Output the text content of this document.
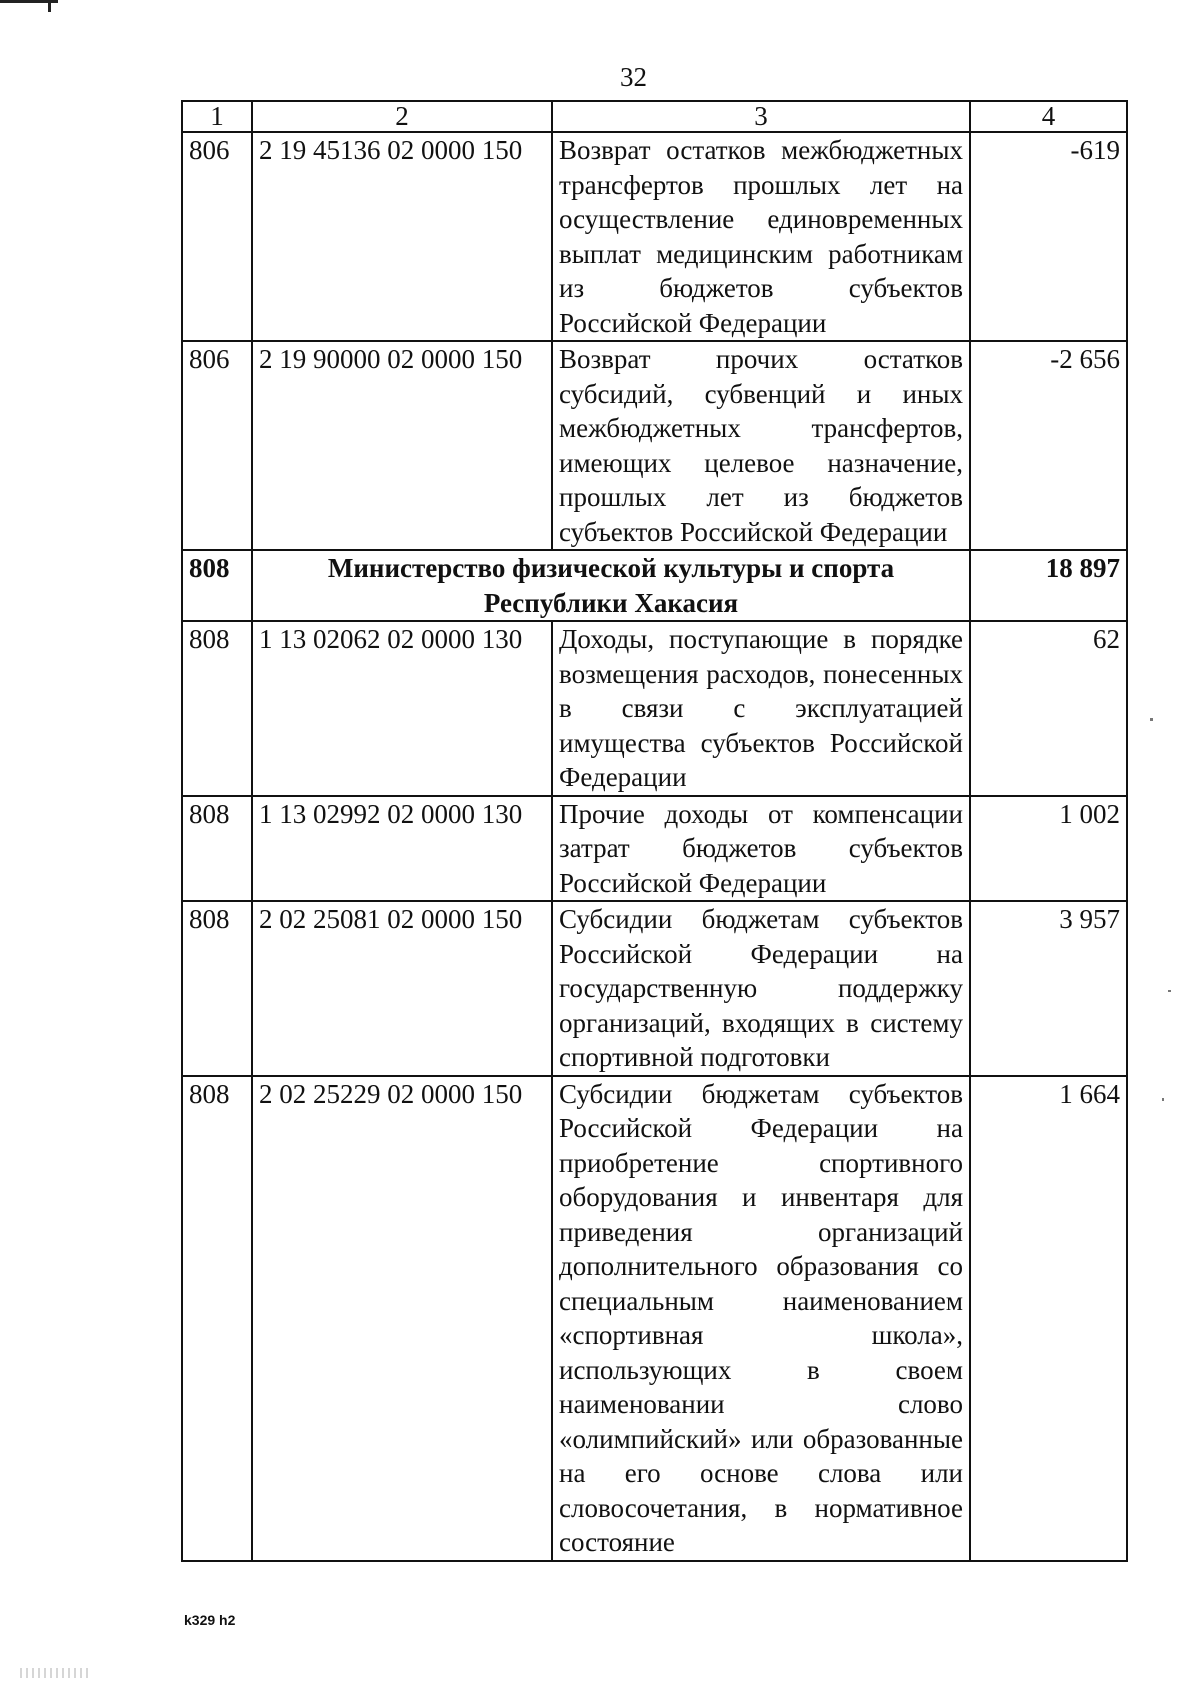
32
1	2	3	4
806	2 19 45136 02 0000 150	Возврат остатков межбюджетных трансфертов прошлых лет на осуществление единовременных выплат медицинским работникам из бюджетов субъектов Российской Федерации	-619
806	2 19 90000 02 0000 150	Возврат прочих остатков субсидий, субвенций и иных межбюджетных трансфертов, имеющих целевое назначение, прошлых лет из бюджетов субъектов Российской Федерации	-2 656
808	Министерство физической культуры и спорта Республики Хакасия		18 897
808	1 13 02062 02 0000 130	Доходы, поступающие в порядке возмещения расходов, понесенных в связи с эксплуатацией имущества субъектов Российской Федерации	62
808	1 13 02992 02 0000 130	Прочие доходы от компенсации затрат бюджетов субъектов Российской Федерации	1 002
808	2 02 25081 02 0000 150	Субсидии бюджетам субъектов Российской Федерации на государственную поддержку организаций, входящих в систему спортивной подготовки	3 957
808	2 02 25229 02 0000 150	Субсидии бюджетам субъектов Российской Федерации на приобретение спортивного оборудования и инвентаря для приведения организаций дополнительного образования со специальным наименованием «спортивная школа», использующих в своем наименовании слово «олимпийский» или образованные на его основе слова или словосочетания, в нормативное состояние	1 664
k329 h2
